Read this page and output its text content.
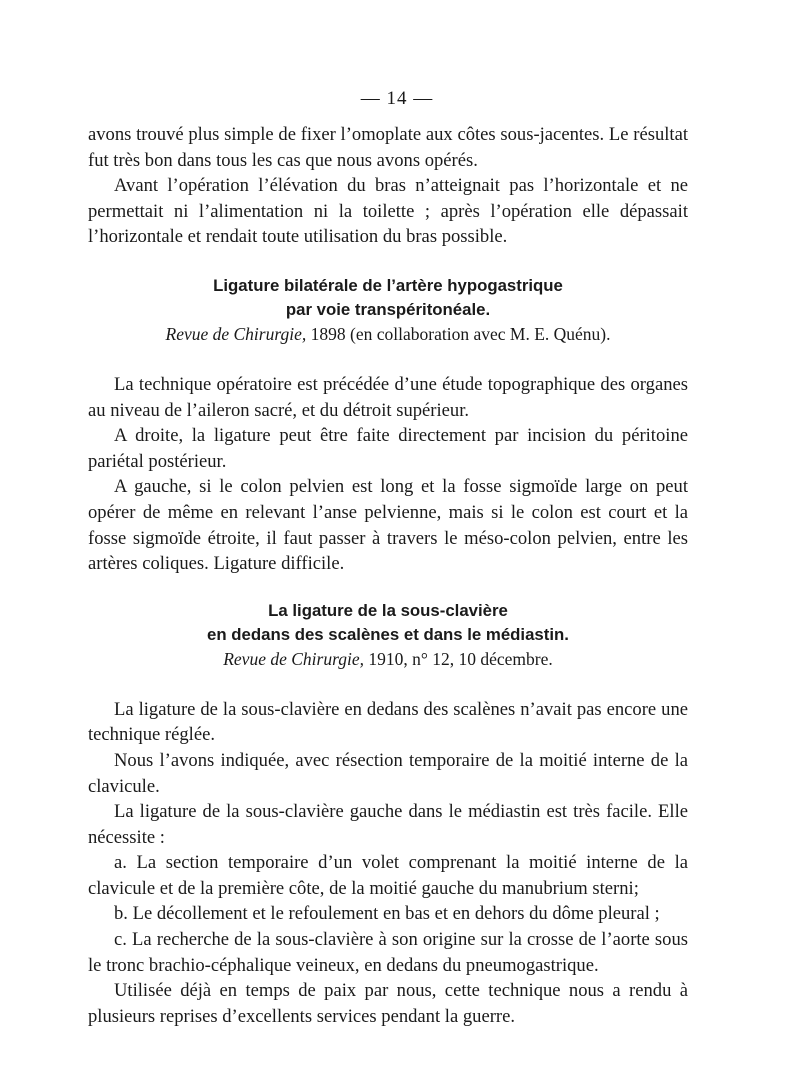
— 14 —

avons trouvé plus simple de fixer l’omoplate aux côtes sous-jacentes. Le résultat fut très bon dans tous les cas que nous avons opérés.

Avant l’opération l’élévation du bras n’atteignait pas l’horizontale et ne permettait ni l’alimentation ni la toilette ; après l’opération elle dépassait l’horizontale et rendait toute utilisation du bras possible.

Ligature bilatérale de l’artère hypogastrique
par voie transpéritonéale.
Revue de Chirurgie, 1898 (en collaboration avec M. E. Quénu).

La technique opératoire est précédée d’une étude topographique des organes au niveau de l’aileron sacré, et du détroit supérieur.

A droite, la ligature peut être faite directement par incision du péritoine pariétal postérieur.

A gauche, si le colon pelvien est long et la fosse sigmoïde large on peut opérer de même en relevant l’anse pelvienne, mais si le colon est court et la fosse sigmoïde étroite, il faut passer à travers le méso-colon pelvien, entre les artères coliques. Ligature difficile.

La ligature de la sous-clavière
en dedans des scalènes et dans le médiastin.
Revue de Chirurgie, 1910, n° 12, 10 décembre.

La ligature de la sous-clavière en dedans des scalènes n’avait pas encore une technique réglée.

Nous l’avons indiquée, avec résection temporaire de la moitié interne de la clavicule.

La ligature de la sous-clavière gauche dans le médiastin est très facile. Elle nécessite :

a. La section temporaire d’un volet comprenant la moitié interne de la clavicule et de la première côte, de la moitié gauche du manubrium sterni;

b. Le décollement et le refoulement en bas et en dehors du dôme pleural ;

c. La recherche de la sous-clavière à son origine sur la crosse de l’aorte sous le tronc brachio-céphalique veineux, en dedans du pneumogastrique.

Utilisée déjà en temps de paix par nous, cette technique nous a rendu à plusieurs reprises d’excellents services pendant la guerre.
